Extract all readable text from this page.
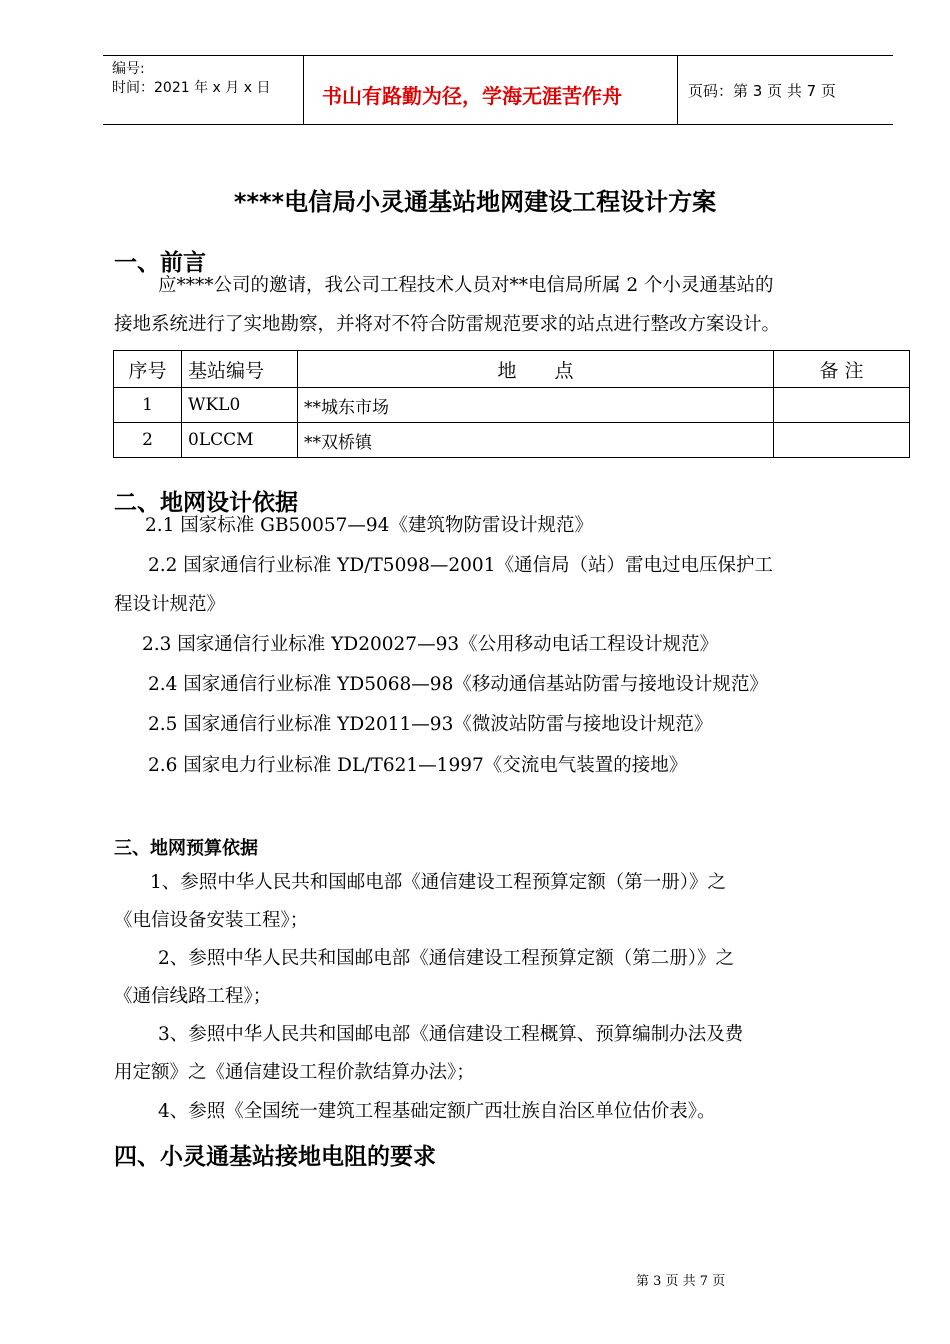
编号:
时间：2021 年 x 月 x 日	书山有路勤为径，学海无涯苦作舟	页码：第 3 页 共 7 页
****电信局小灵通基站地网建设工程设计方案
一、前言
应****公司的邀请，我公司工程技术人员对**电信局所属 2 个小灵通基站的
接地系统进行了实地勘察，并将对不符合防雷规范要求的站点进行整改方案设计。
序号	基站编号	地　　点	备 注
1	WKL0	**城东市场	
2	0LCCM	**双桥镇	
二、地网设计依据
2.1 国家标准 GB50057—94《建筑物防雷设计规范》
2.2 国家通信行业标准 YD/T5098—2001《通信局（站）雷电过电压保护工
程设计规范》
2.3 国家通信行业标准 YD20027—93《公用移动电话工程设计规范》
2.4 国家通信行业标准 YD5068—98《移动通信基站防雷与接地设计规范》
2.5 国家通信行业标准 YD2011—93《微波站防雷与接地设计规范》
2.6 国家电力行业标准 DL/T621—1997《交流电气装置的接地》
三、地网预算依据
1、参照中华人民共和国邮电部《通信建设工程预算定额（第一册）》之
《电信设备安装工程》；
2、参照中华人民共和国邮电部《通信建设工程预算定额（第二册）》之
《通信线路工程》；
3、参照中华人民共和国邮电部《通信建设工程概算、预算编制办法及费
用定额》之《通信建设工程价款结算办法》；
4、参照《全国统一建筑工程基础定额广西壮族自治区单位估价表》。
四、小灵通基站接地电阻的要求
第 3 页 共 7 页
